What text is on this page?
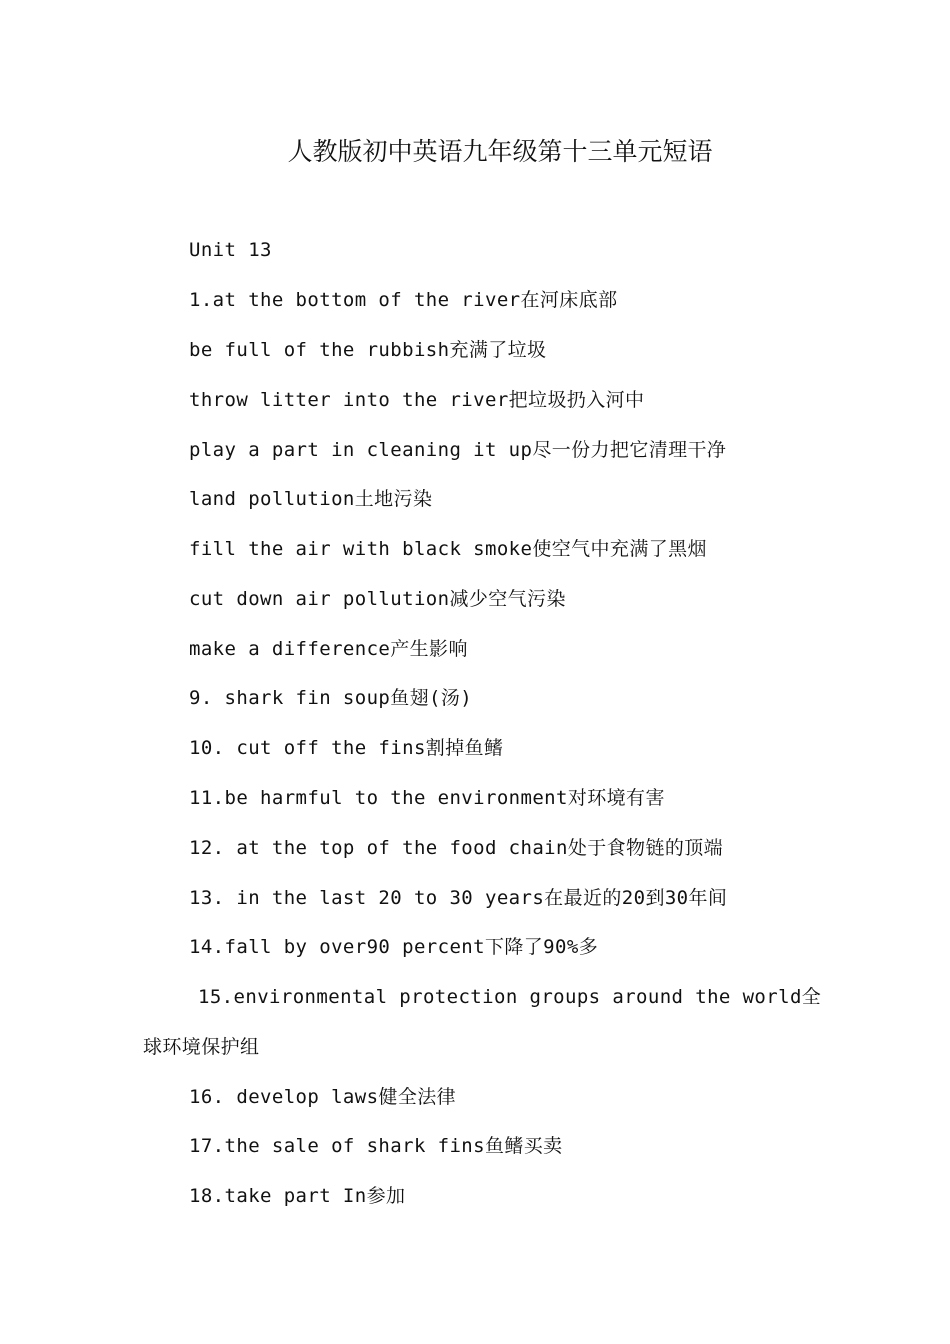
人教版初中英语九年级第十三单元短语
Unit 13
1.at the bottom of the river在河床底部
be full of the rubbish充满了垃圾
throw litter into the river把垃圾扔入河中
play a part in cleaning it up尽一份力把它清理干净
land pollution土地污染
fill the air with black smoke使空气中充满了黑烟
cut down air pollution减少空气污染
make a difference产生影响
9. shark fin soup鱼翅(汤)
10. cut off the fins割掉鱼鳍
11.be harmful to the environment对环境有害
12. at the top of the food chain处于食物链的顶端
13. in the last 20 to 30 years在最近的20到30年间
14.fall by over90 percent下降了90%多
15.environmental protection groups around the world全
球环境保护组
16. develop laws健全法律
17.the sale of shark fins鱼鳍买卖
18.take part In参加
